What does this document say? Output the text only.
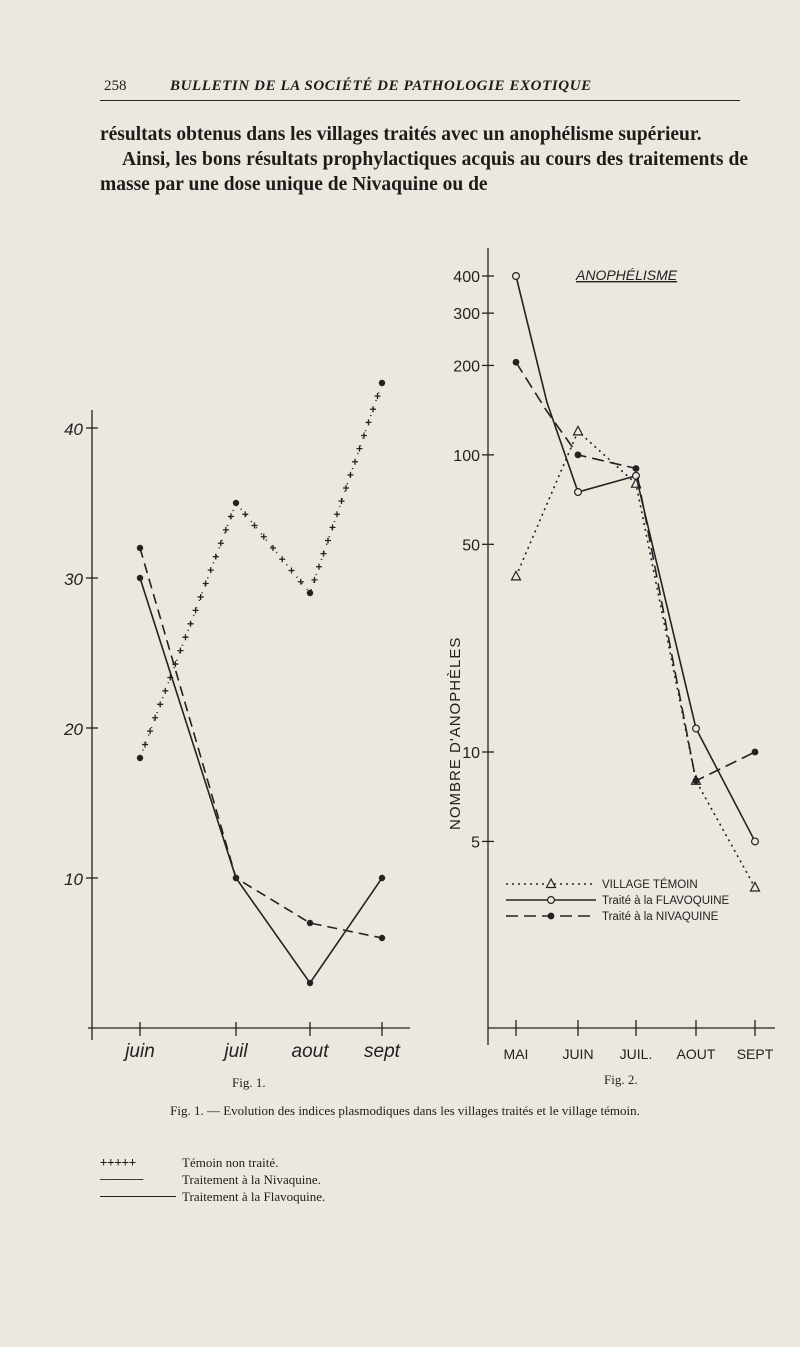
258	BULLETIN DE LA SOCIÉTÉ DE PATHOLOGIE EXOTIQUE

résultats obtenus dans les villages traités avec un anophélisme supérieur.

Ainsi, les bons résultats prophylactiques acquis au cours des traitements de masse par une dose unique de Nivaquine ou de

10
20
30
40
juin	juil aout sept
Fig. 1.
ANOPHÉLISME
NOMBRE D'ANOPHÈLES
5
10
50
100
200
300
400
MAI JUIN JUIL. AOUT SEPT
VILLAGE TÉMOIN
Traité à la FLAVOQUINE
Traité à la NIVAQUINE
Fig. 2.
Fig. 1. — Evolution des indices plasmodiques dans les villages traités et le village témoin.
+++++	Témoin non traité.
——————	Traitement à la Nivaquine.
Traitement à la Flavoquine.
